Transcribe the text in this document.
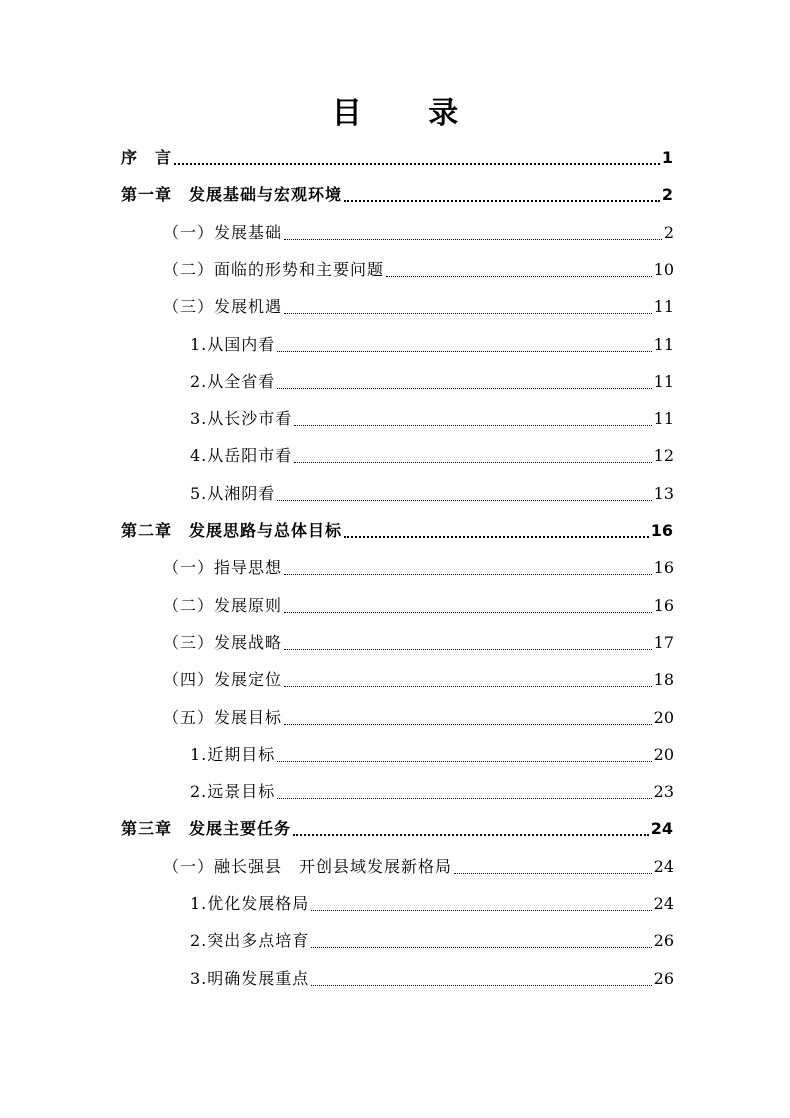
目 录
序　言	1
第一章　发展基础与宏观环境	2
（一）发展基础	2
（二）面临的形势和主要问题	10
（三）发展机遇	11
1.从国内看	11
2.从全省看	11
3.从长沙市看	11
4.从岳阳市看	12
5.从湘阴看	13
第二章　发展思路与总体目标	16
（一）指导思想	16
（二）发展原则	16
（三）发展战略	17
（四）发展定位	18
（五）发展目标	20
1.近期目标	20
2.远景目标	23
第三章　发展主要任务	24
（一）融长强县　开创县域发展新格局	24
1.优化发展格局	24
2.突出多点培育	26
3.明确发展重点	26
